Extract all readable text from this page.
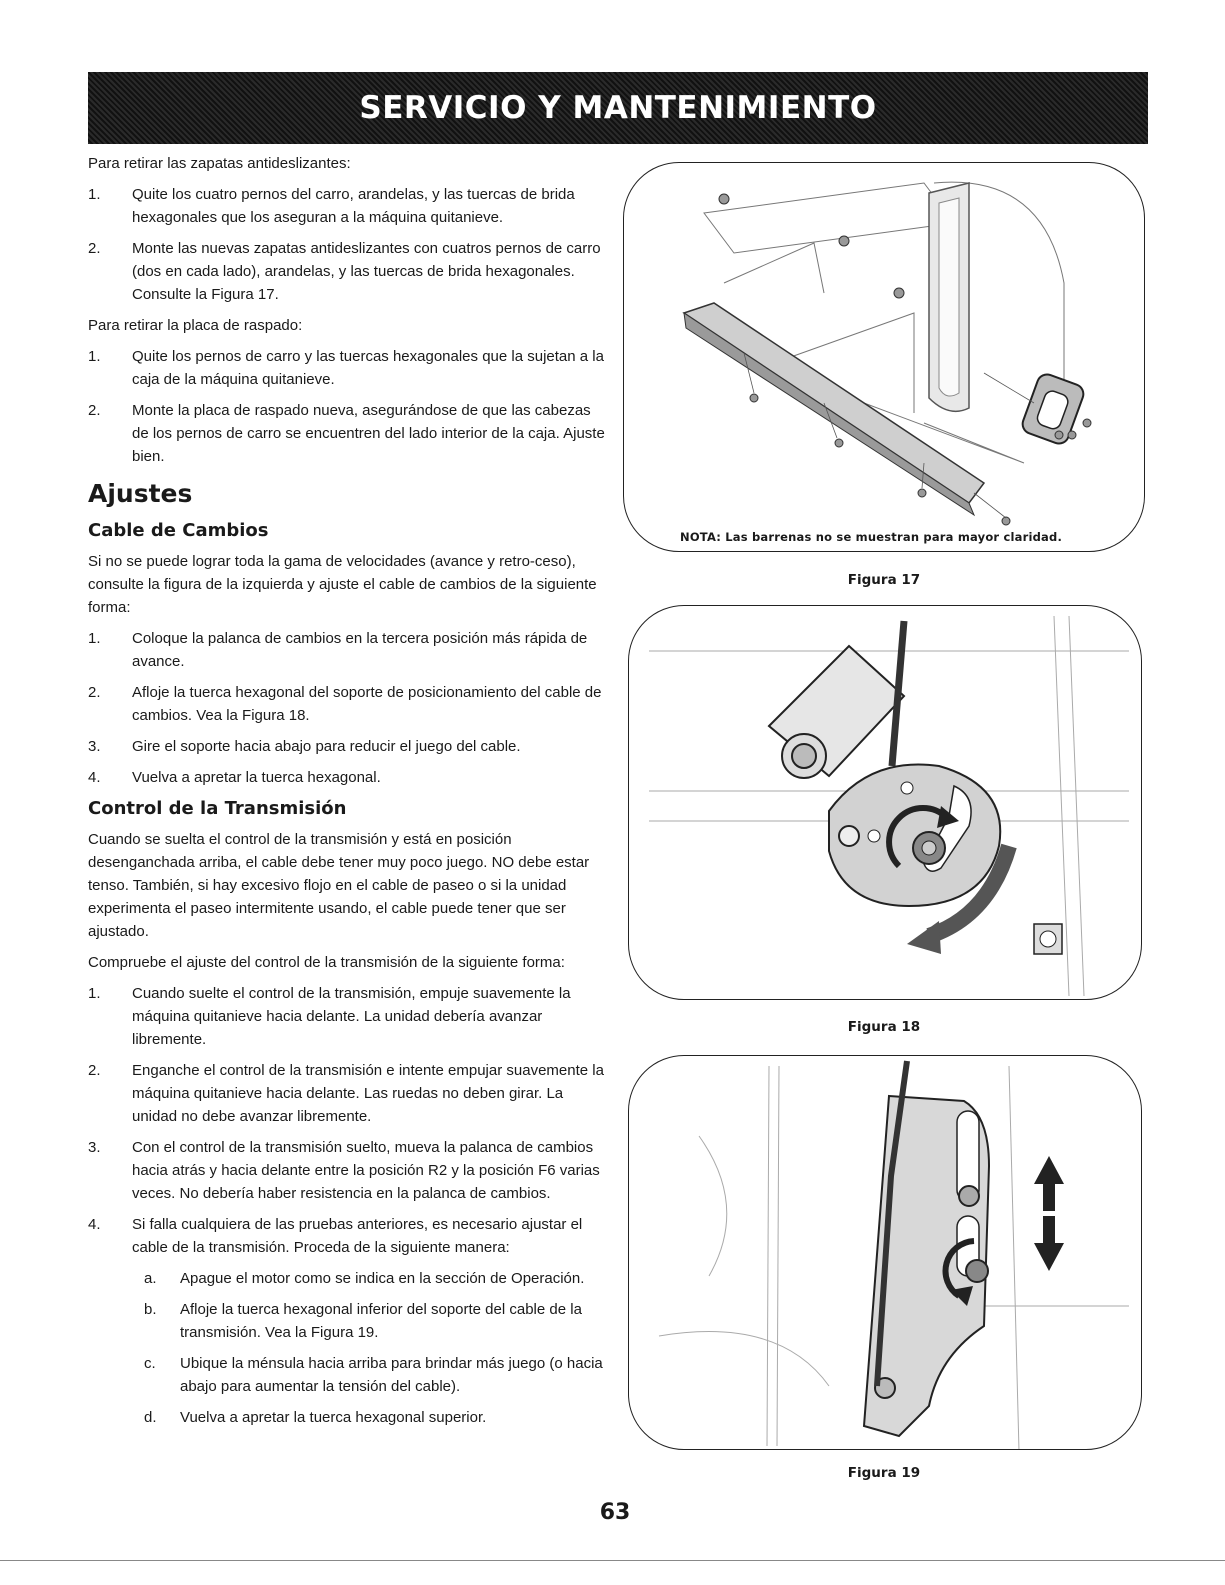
SERVICIO Y MANTENIMIENTO

Para retirar las zapatas antideslizantes:

1.	Quite los cuatro pernos del carro, arandelas, y las tuercas de brida hexagonales que los aseguran a la máquina quitanieve.
2.	Monte las nuevas zapatas antideslizantes con cuatros pernos de carro (dos en cada lado), arandelas, y las tuercas de brida hexagonales. Consulte la Figura 17.

Para retirar la placa de raspado:

1.	Quite los pernos de carro y las tuercas hexagonales que la sujetan a la caja de la máquina quitanieve.
2.	Monte la placa de raspado nueva, asegurándose de que las cabezas de los pernos de carro se encuentren del lado interior de la caja. Ajuste bien.
Ajustes
Cable de Cambios

Si no se puede lograr toda la gama de velocidades (avance y retro-ceso), consulte la figura de la izquierda y ajuste el cable de cambios de la siguiente forma:

1.	Coloque la palanca de cambios en la tercera posición más rápida de avance.
2.	Afloje la tuerca hexagonal del soporte de posicionamiento del cable de cambios. Vea la Figura 18.
3.	Gire el soporte hacia abajo para reducir el juego del cable.
4.	Vuelva a apretar la tuerca hexagonal.
Control de la Transmisión

Cuando se suelta el control de la transmisión y está en posición desenganchada arriba, el cable debe tener muy poco juego. NO debe estar tenso. También, si hay excesivo flojo en el cable de paseo o si la unidad experimenta el paseo intermitente usando, el cable puede tener que ser ajustado.

Compruebe el ajuste del control de la transmisión de la siguiente forma:

1.	Cuando suelte el control de la transmisión, empuje suavemente la máquina quitanieve hacia delante. La unidad debería avanzar libremente.
2.	Enganche el control de la transmisión e intente empujar suavemente la máquina quitanieve hacia delante. Las ruedas no deben girar. La unidad no debe avanzar libremente.
3.	Con el control de la transmisión suelto, mueva la palanca de cambios hacia atrás y hacia delante entre la posición R2 y la posición F6 varias veces. No debería haber resistencia en la palanca de cambios.
4.	Si falla cualquiera de las pruebas anteriores, es necesario ajustar el cable de la transmisión. Proceda de la siguiente manera:
a.	Apague el motor como se indica en la sección de Operación.
b.	Afloje la tuerca hexagonal inferior del soporte del cable de la transmisión. Vea la Figura 19.
c.	Ubique la ménsula hacia arriba para brindar más juego (o hacia abajo para aumentar la tensión del cable).
d.	Vuelva a apretar la tuerca hexagonal superior.
NOTA: Las barrenas no se muestran para mayor claridad.
Figura 17
Figura 18
Figura 19
63
